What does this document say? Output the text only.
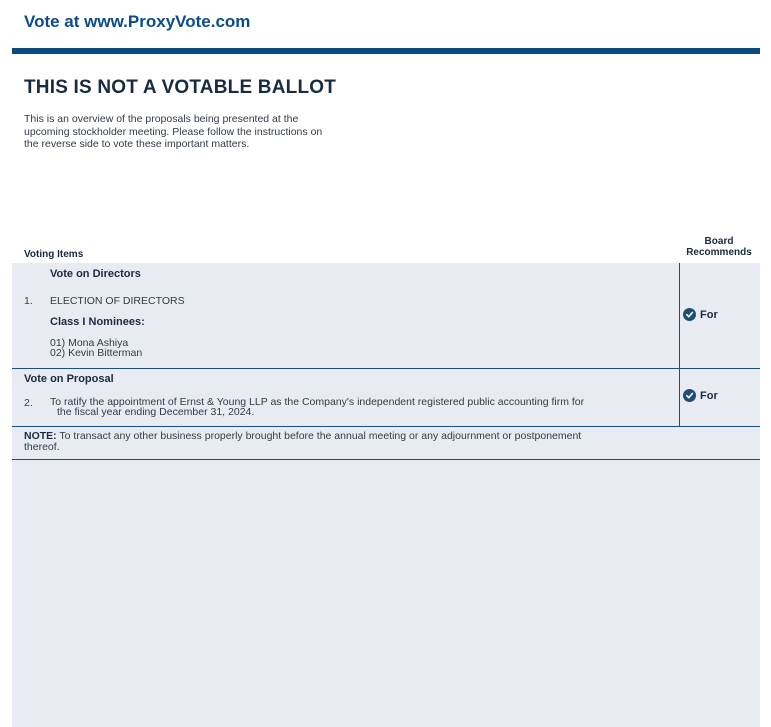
Vote at www.ProxyVote.com
THIS IS NOT A VOTABLE BALLOT
This is an overview of the proposals being presented at the
upcoming stockholder meeting. Please follow the instructions on
the reverse side to vote these important matters.
Voting Items
Board
Recommends
Vote on Directors
1. ELECTION OF DIRECTORS
Class I Nominees:
01) Mona Ashiya
02) Kevin Bitterman
For
Vote on Proposal
2. To ratify the appointment of Ernst & Young LLP as the Company's independent registered public accounting firm for
the fiscal year ending December 31, 2024.
For
NOTE: To transact any other business properly brought before the annual meeting or any adjournment or postponement
thereof.
